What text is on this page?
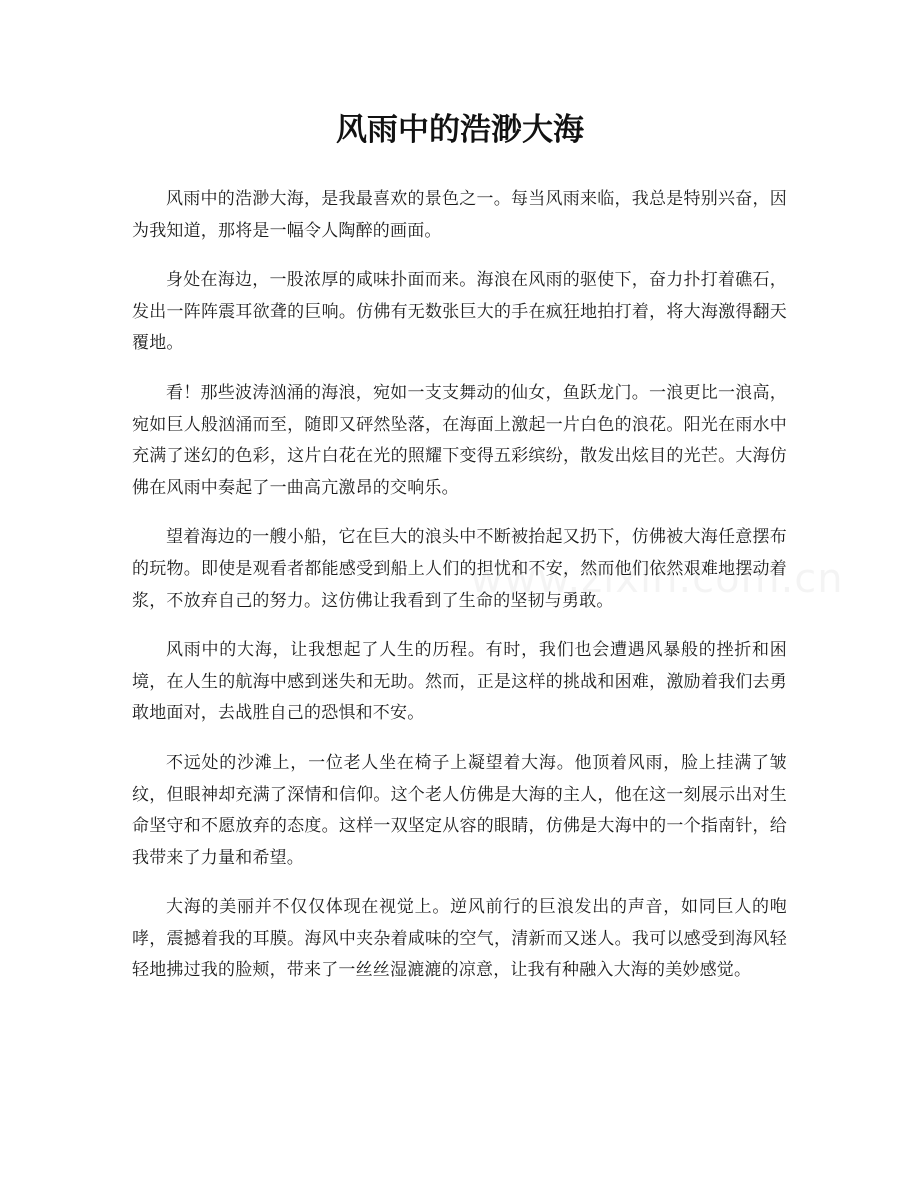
风雨中的浩渺大海

风雨中的浩渺大海，是我最喜欢的景色之一。每当风雨来临，我总是特别兴奋，因为我知道，那将是一幅令人陶醉的画面。

身处在海边，一股浓厚的咸味扑面而来。海浪在风雨的驱使下，奋力扑打着礁石，发出一阵阵震耳欲聋的巨响。仿佛有无数张巨大的手在疯狂地拍打着，将大海激得翻天覆地。

看！那些波涛汹涌的海浪，宛如一支支舞动的仙女，鱼跃龙门。一浪更比一浪高，宛如巨人般汹涌而至，随即又砰然坠落，在海面上激起一片白色的浪花。阳光在雨水中充满了迷幻的色彩，这片白花在光的照耀下变得五彩缤纷，散发出炫目的光芒。大海仿佛在风雨中奏起了一曲高亢激昂的交响乐。

望着海边的一艘小船，它在巨大的浪头中不断被抬起又扔下，仿佛被大海任意摆布的玩物。即使是观看者都能感受到船上人们的担忧和不安，然而他们依然艰难地摆动着浆，不放弃自己的努力。这仿佛让我看到了生命的坚韧与勇敢。

风雨中的大海，让我想起了人生的历程。有时，我们也会遭遇风暴般的挫折和困境，在人生的航海中感到迷失和无助。然而，正是这样的挑战和困难，激励着我们去勇敢地面对，去战胜自己的恐惧和不安。

不远处的沙滩上，一位老人坐在椅子上凝望着大海。他顶着风雨，脸上挂满了皱纹，但眼神却充满了深情和信仰。这个老人仿佛是大海的主人，他在这一刻展示出对生命坚守和不愿放弃的态度。这样一双坚定从容的眼睛，仿佛是大海中的一个指南针，给我带来了力量和希望。

大海的美丽并不仅仅体现在视觉上。逆风前行的巨浪发出的声音，如同巨人的咆哮，震撼着我的耳膜。海风中夹杂着咸味的空气，清新而又迷人。我可以感受到海风轻轻地拂过我的脸颊，带来了一丝丝湿漉漉的凉意，让我有种融入大海的美妙感觉。
